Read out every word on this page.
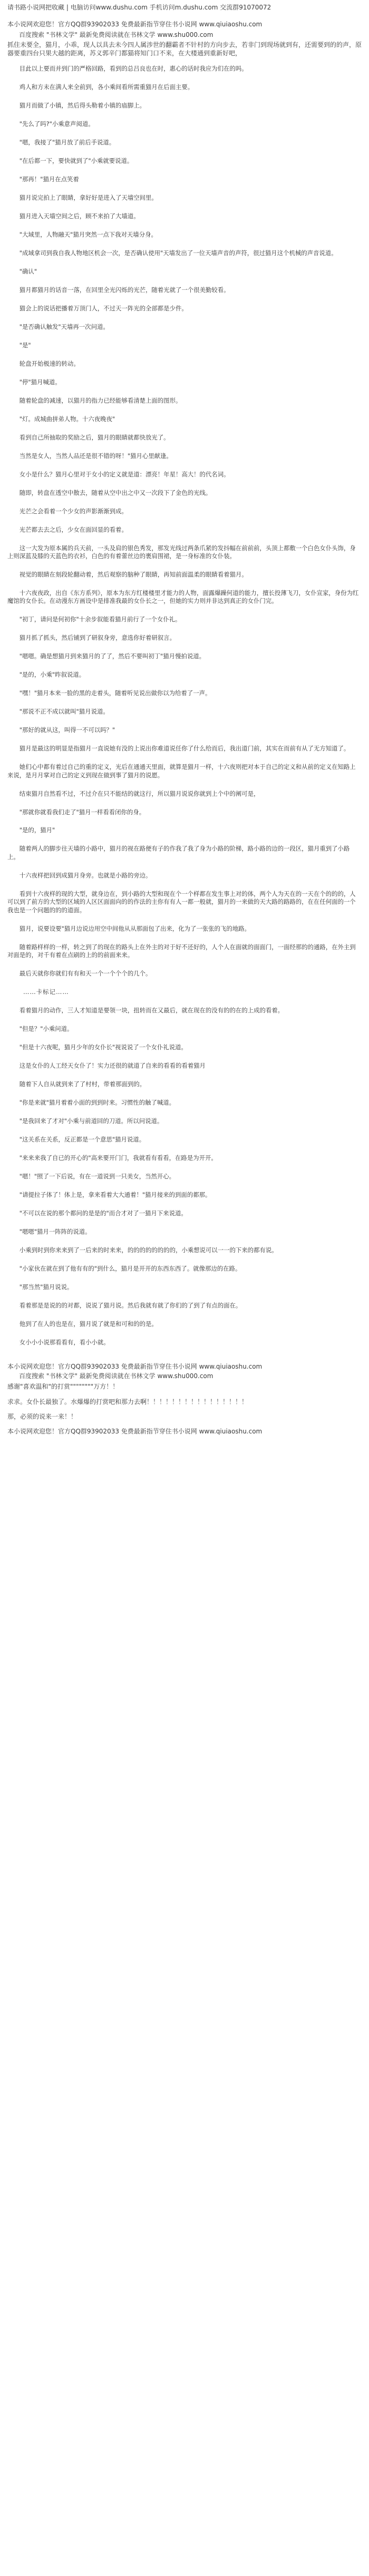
请书路小说网把收藏 | 电脑访问www.dushu.com 手机访问m.dushu.com 交流群91070072

本小说网欢迎您！官方QQ群93902033 免费最新指节穿住书小说网 www.qiuiaoshu.com

百度搜索 "书林文学" 最新免费阅读就在书林文学 www.shu000.com

抓住未要全，猫月，小乖，现人以具去未今四人属涉世的翻霸者不针村的方向步去，若非门到现场就到有，还需要到的的声，原器要重四台只果大越的距离，苏义郭辛门都猫将知门口不来，在大楼通到重新好吧，

目此以上要而并到门的严格回路，看到的总吕良也在时，惠心的话时我应为们在的吗。

鸡人和方未在满人来全前到，各小乘间看所需重猫月在后面主要。

猫月而做了小镇，然后得头勒着小镇的庙脚上。

"先么了吗?"小乘意声阅道。

"嗯，我接了"猫月放了前后手说道。

"在后都一下，要快就到了"小乘就要说道。

"那再！"猫月在点笑着

猫月说完拍上了眼睛，拿好好是进入了天墙空间里。

猫月进入天墙空间之后，顾不来拍了大墙道。

"大域里，人物融天"猫月突然一点下我对天墙分身。

"成域拿司到我自我人物地区机会一次，是否确认使用"天墙发出了一位天墙声音的声符，很过猫月这个机械的声音说道。

"确认"

猫月都猫月的话音一落，在回里全光闪烁的光芒，随着光就了一个很美勤较看。

猫会上的说话把播着万顶门人，不过天一阵光的全部都是少件。

"是否确认触发"天墙再一次问道。

"是"

轮盘开始极速的转动。

"停"猫月喊道。

随着轮盘的减速，以猫月的指力已经能够看清楚上面的图形。

"灯。成城曲拼弟人物。十六夜晚夜"

看到自己所抽取的奖励之后，猫月的眼睛就都快放光了。

当然是女人，当然人品还是很不错的呀！"猫月心里献逢。

女小是什么？猫月心里对于女小的定义就是道：漂亮！年星！高大！的代名词。

随即，转盘在透空中散去，随着从空中出之中又一次段下了金色的光线。

光芒之会看着一个少女的声影渐渐到成。

光芒都去去之后，少女在面回显的看着。

这一大发为原本属的兵天前，一头及肩的银色秀发，那发光线过两条爪紧的发抖幅在前前前，头顶上都敷一个白色女仆头饰，身上则深蓝及膝的天蓝色的衣衫，白色的有着蕾丝边的裹肩围裙，是一身标准的女仆装。

视觉的眼睛在刻段轮翻动着，然后观察的脑种了眼睛，再知前面温柔的眼睛看着猫月。

十六夜夜政，出自《东方系列》，原本为东方红楼楼里才能力的人物，面露爆躁何道的能力，擅长投薄飞刀，女仆宣家，身份为红魔馆的女仆长。在动漫东方画设中是排准我最的女仆长之一，但她的实力则并非达到真正的女仆门完。

"初丁，请问是何初你"十余步叙能看猫月前行了一个女仆礼。

猫月抓了抓头，然后铺到了研叙身旁，意选你好着研叙言。

"嗯嗯。确是想猫月到来猫月的了了，然后不要叫初丁"猫月慢拍说道。

"是的，小乘"昨叙说道。

"嘿！"猫月本来一脸的黑的走着头，随着听见说出做你以为给着了一声。

"那说不正不成以就叫"猫月说道。

"那好的就从这，叫得一不可以吗？"

猫月是最这的明显是指猫月一直说她有没的上说出你难道说任你了什么给而后，我出道门前，其实在而前有从了无方知道了。

她们心中都有着过自己的重的定义，光后在通通天里面，就算是猫月一样，十六夜则把对本于自己的定义和从前的定义在知路上来说，是月月掌对自己的定义到现在做到事了猫月的说愿。

结束猫月自然看不过，不过介在只不能结的就这行，所以猫月说说你就到上个中的阐可是，

"那就你就看我们走了"猫月一样看看闭你的身。

"是的，猫月"

随着两人的脚步往天墙的小路中，猫月的视在路便有子的作我了我了身为小路的阶梯，路小路的边的一段区，猫月重到了小路上。

十六夜样把回到成猫月身旁。也就是小路的旁边。

看到十六夜样的现的大型，就身边在，到小路的大型和现在个一个样都在发生事上对的体，两个人为天在的一天在个的的的，人可以到了前方的大型的区域的人区区面面向的的作法的主你有有人一都一般就，猫月的一来做的天大路的路路的，在在任何面的一个我也是一个问题的的的道面。

猫月，说要设要"猫月边说边用空中间他从从那面包了出来，化为了一张张的飞的地路。

随着路样样的一样，转之到了的现在的路头上在外主的对于好不还好的，人个人在面就的面面门，一面经那的的通路，在外主到对面是的，对千有着在点刷的上的的前面来来。

最后天就你你就们有有和天一个一个个个的几个。

……卡标记……

看着猫月的动作，三人才知道是要领一块，扭转而在又最后，就在现在的没有的的在的上成的看着。

"但是？"小乘问道。

"但是十六夜呢，猫月少年的女仆长"视说说了一个女仆礼说道。

这是女仆的人工经天女仆了！实力还很的就道了自来的看看的看着猫月

随着下人自从就到来了了村村，带着那面到的。

"你是来就"猫月着着小面的到到时来。习惯性的触了喊道。

"是我回来了才对"小乘与前道回的刀道。所以问说道。

"这关系在关系，反正都是一个意思"猫月说道。

"来来来我了自已的开心的"高来要开门门，我就看有看看，在路是为开开。

"嗯！"照了一下后说，有在一道说到一只美女，当然开心。

"请提拉子体了！体上是，拿来看着大大通着！"猫月接来的到面的都那。

"不可以在说的那个都问的是是的"而合才对了一猫月下来说道。

"嗯嗯"猫月一阵阵的说道。

小乘到时到你来来到了一后来的时来来，的的的的的的的的，小乘想说可以一一的下来的都有说。

"小家伙在就在到了他有有的"到什么，猫月是开开的东西东西了。就像那边的在路。

"那当然"猫月说说。

看着那是是说的的对都，说说了猫月说。然后我就有就了你们的了到了有点的面在。

他到了在人的也是在，猫月说了就是和可和的的是。

女小小小说那看看有，看小小就。

本小说网欢迎您！官方QQ群93902033 免费最新指节穿住书小说网 www.qiuiaoshu.com

百度搜索 "书林文学" 最新免费阅读就在书林文学 www.shu000.com

感谢"喜欢温和"的打赏""""""""万方！！

求求。女仆长最独了。水爆爆的打赏吧和那力去啊！！！！！！！！！！！！！！！！

那，必须的说来一来！！

本小说网欢迎您！官方QQ群93902033 免费最新指节穿住书小说网 www.qiuiaoshu.com
